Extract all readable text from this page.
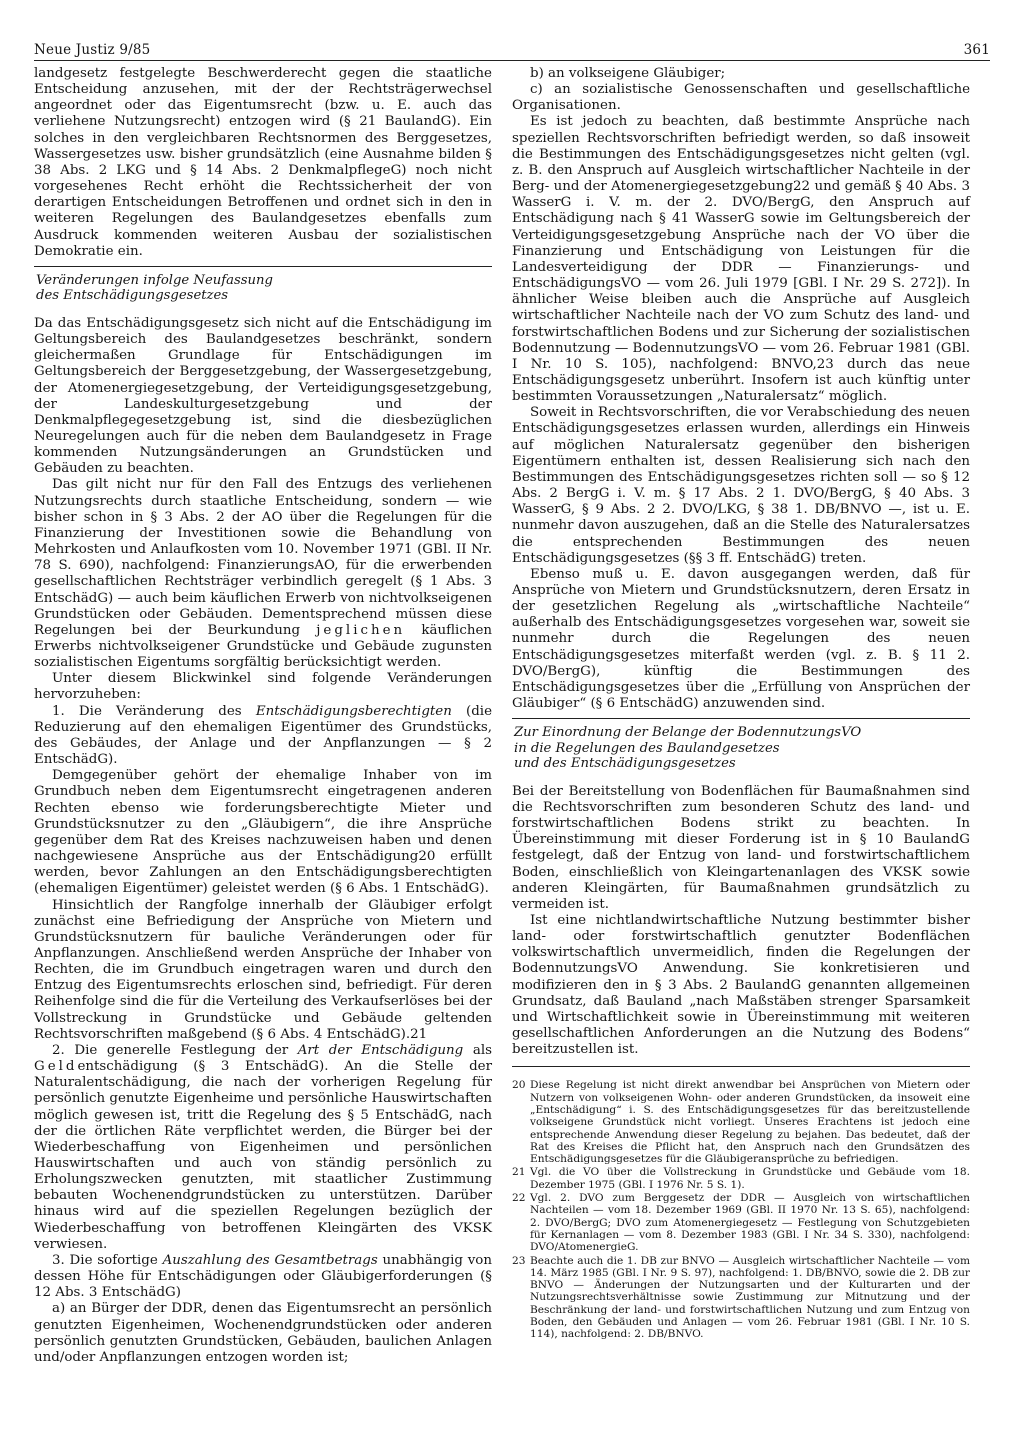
Neue Justiz 9/85	361

landgesetz festgelegte Beschwerderecht gegen die staatliche Entscheidung anzusehen, mit der der Rechtsträgerwechsel angeordnet oder das Eigentumsrecht (bzw. u. E. auch das verliehene Nutzungsrecht) entzogen wird (§ 21 BaulandG). Ein solches in den vergleichbaren Rechtsnormen des Berggesetzes, Wassergesetzes usw. bisher grundsätzlich (eine Ausnahme bilden § 38 Abs. 2 LKG und § 14 Abs. 2 DenkmalpflegeG) noch nicht vorgesehenes Recht erhöht die Rechtssicherheit der von derartigen Entscheidungen Betroffenen und ordnet sich in den in weiteren Regelungen des Baulandgesetzes ebenfalls zum Ausdruck kommenden weiteren Ausbau der sozialistischen Demokratie ein.

Veränderungen infolge Neufassung
des Entschädigungsgesetzes

Da das Entschädigungsgesetz sich nicht auf die Entschädigung im Geltungsbereich des Baulandgesetzes beschränkt, sondern gleichermaßen Grundlage für Entschädigungen im Geltungsbereich der Berggesetzgebung, der Wassergesetzgebung, der Atomenergiegesetzgebung, der Verteidigungsgesetzgebung, der Landeskulturgesetzgebung und der Denkmalpflegegesetzgebung ist, sind die diesbezüglichen Neuregelungen auch für die neben dem Baulandgesetz in Frage kommenden Nutzungsänderungen an Grundstücken und Gebäuden zu beachten.

Das gilt nicht nur für den Fall des Entzugs des verliehenen Nutzungsrechts durch staatliche Entscheidung, sondern — wie bisher schon in § 3 Abs. 2 der AO über die Regelungen für die Finanzierung der Investitionen sowie die Behandlung von Mehrkosten und Anlaufkosten vom 10. November 1971 (GBl. II Nr. 78 S. 690), nachfolgend: FinanzierungsAO, für die erwerbenden gesellschaftlichen Rechtsträger verbindlich geregelt (§ 1 Abs. 3 EntschädG) — auch beim käuflichen Erwerb von nichtvolkseigenen Grundstücken oder Gebäuden. Dementsprechend müssen diese Regelungen bei der Beurkundung jeglichen käuflichen Erwerbs nichtvolkseigener Grundstücke und Gebäude zugunsten sozialistischen Eigentums sorgfältig berücksichtigt werden.

Unter diesem Blickwinkel sind folgende Veränderungen hervorzuheben:

1. Die Veränderung des Entschädigungsberechtigten (die Reduzierung auf den ehemaligen Eigentümer des Grundstücks, des Gebäudes, der Anlage und der Anpflanzungen — § 2 EntschädG).

Demgegenüber gehört der ehemalige Inhaber von im Grundbuch neben dem Eigentumsrecht eingetragenen anderen Rechten ebenso wie forderungsberechtigte Mieter und Grundstücksnutzer zu den „Gläubigern“, die ihre Ansprüche gegenüber dem Rat des Kreises nachzuweisen haben und denen nachgewiesene Ansprüche aus der Entschädigung20 erfüllt werden, bevor Zahlungen an den Entschädigungsberechtigten (ehemaligen Eigentümer) geleistet werden (§ 6 Abs. 1 EntschädG).

Hinsichtlich der Rangfolge innerhalb der Gläubiger erfolgt zunächst eine Befriedigung der Ansprüche von Mietern und Grundstücksnutzern für bauliche Veränderungen oder für Anpflanzungen. Anschließend werden Ansprüche der Inhaber von Rechten, die im Grundbuch eingetragen waren und durch den Entzug des Eigentumsrechts erloschen sind, befriedigt. Für deren Reihenfolge sind die für die Verteilung des Verkaufserlöses bei der Vollstreckung in Grundstücke und Gebäude geltenden Rechtsvorschriften maßgebend (§ 6 Abs. 4 EntschädG).21

2. Die generelle Festlegung der Art der Entschädigung als Geldentschädigung (§ 3 EntschädG). An die Stelle der Naturalentschädigung, die nach der vorherigen Regelung für persönlich genutzte Eigenheime und persönliche Hauswirtschaften möglich gewesen ist, tritt die Regelung des § 5 EntschädG, nach der die örtlichen Räte verpflichtet werden, die Bürger bei der Wiederbeschaffung von Eigenheimen und persönlichen Hauswirtschaften und auch von ständig persönlich zu Erholungszwecken genutzten, mit staatlicher Zustimmung bebauten Wochenendgrundstücken zu unterstützen. Darüber hinaus wird auf die speziellen Regelungen bezüglich der Wiederbeschaffung von betroffenen Kleingärten des VKSK verwiesen.

3. Die sofortige Auszahlung des Gesamtbetrags unabhängig von dessen Höhe für Entschädigungen oder Gläubigerforderungen (§ 12 Abs. 3 EntschädG)

a) an Bürger der DDR, denen das Eigentumsrecht an persönlich genutzten Eigenheimen, Wochenendgrundstücken oder anderen persönlich genutzten Grundstücken, Gebäuden, baulichen Anlagen und/oder Anpflanzungen entzogen worden ist;

b) an volkseigene Gläubiger;

c) an sozialistische Genossenschaften und gesellschaftliche Organisationen.

Es ist jedoch zu beachten, daß bestimmte Ansprüche nach speziellen Rechtsvorschriften befriedigt werden, so daß insoweit die Bestimmungen des Entschädigungsgesetzes nicht gelten (vgl. z. B. den Anspruch auf Ausgleich wirtschaftlicher Nachteile in der Berg- und der Atomenergiegesetzgebung22 und gemäß § 40 Abs. 3 WasserG i. V. m. der 2. DVO/BergG, den Anspruch auf Entschädigung nach § 41 WasserG sowie im Geltungsbereich der Verteidigungsgesetzgebung Ansprüche nach der VO über die Finanzierung und Entschädigung von Leistungen für die Landesverteidigung der DDR — Finanzierungs- und EntschädigungsVO — vom 26. Juli 1979 [GBl. I Nr. 29 S. 272]). In ähnlicher Weise bleiben auch die Ansprüche auf Ausgleich wirtschaftlicher Nachteile nach der VO zum Schutz des land- und forstwirtschaftlichen Bodens und zur Sicherung der sozialistischen Bodennutzung — BodennutzungsVO — vom 26. Februar 1981 (GBl. I Nr. 10 S. 105), nachfolgend: BNVO,23 durch das neue Entschädigungsgesetz unberührt. Insofern ist auch künftig unter bestimmten Voraussetzungen „Naturalersatz“ möglich.

Soweit in Rechtsvorschriften, die vor Verabschiedung des neuen Entschädigungsgesetzes erlassen wurden, allerdings ein Hinweis auf möglichen Naturalersatz gegenüber den bisherigen Eigentümern enthalten ist, dessen Realisierung sich nach den Bestimmungen des Entschädigungsgesetzes richten soll — so § 12 Abs. 2 BergG i. V. m. § 17 Abs. 2 1. DVO/BergG, § 40 Abs. 3 WasserG, § 9 Abs. 2 2. DVO/LKG, § 38 1. DB/BNVO —, ist u. E. nunmehr davon auszugehen, daß an die Stelle des Naturalersatzes die entsprechenden Bestimmungen des neuen Entschädigungsgesetzes (§§ 3 ff. EntschädG) treten.

Ebenso muß u. E. davon ausgegangen werden, daß für Ansprüche von Mietern und Grundstücksnutzern, deren Ersatz in der gesetzlichen Regelung als „wirtschaftliche Nachteile“ außerhalb des Entschädigungsgesetzes vorgesehen war, soweit sie nunmehr durch die Regelungen des neuen Entschädigungsgesetzes miterfaßt werden (vgl. z. B. § 11 2. DVO/BergG), künftig die Bestimmungen des Entschädigungsgesetzes über die „Erfüllung von Ansprüchen der Gläubiger“ (§ 6 EntschädG) anzuwenden sind.

Zur Einordnung der Belange der BodennutzungsVO
in die Regelungen des Baulandgesetzes
und des Entschädigungsgesetzes

Bei der Bereitstellung von Bodenflächen für Baumaßnahmen sind die Rechtsvorschriften zum besonderen Schutz des land- und forstwirtschaftlichen Bodens strikt zu beachten. In Übereinstimmung mit dieser Forderung ist in § 10 BaulandG festgelegt, daß der Entzug von land- und forstwirtschaftlichem Boden, einschließlich von Kleingartenanlagen des VKSK sowie anderen Kleingärten, für Baumaßnahmen grundsätzlich zu vermeiden ist.

Ist eine nichtlandwirtschaftliche Nutzung bestimmter bisher land- oder forstwirtschaftlich genutzter Bodenflächen volkswirtschaftlich unvermeidlich, finden die Regelungen der BodennutzungsVO Anwendung. Sie konkretisieren und modifizieren den in § 3 Abs. 2 BaulandG genannten allgemeinen Grundsatz, daß Bauland „nach Maßstäben strenger Sparsamkeit und Wirtschaftlichkeit sowie in Übereinstimmung mit weiteren gesellschaftlichen Anforderungen an die Nutzung des Bodens“ bereitzustellen ist.

20 Diese Regelung ist nicht direkt anwendbar bei Ansprüchen von Mietern oder Nutzern von volkseigenen Wohn- oder anderen Grundstücken, da insoweit eine „Entschädigung“ i. S. des Entschädigungsgesetzes für das bereitzustellende volkseigene Grundstück nicht vorliegt. Unseres Erachtens ist jedoch eine entsprechende Anwendung dieser Regelung zu bejahen. Das bedeutet, daß der Rat des Kreises die Pflicht hat, den Anspruch nach den Grundsätzen des Entschädigungsgesetzes für die Gläubigeransprüche zu befriedigen.
21 Vgl. die VO über die Vollstreckung in Grundstücke und Gebäude vom 18. Dezember 1975 (GBl. I 1976 Nr. 5 S. 1).
22 Vgl. 2. DVO zum Berggesetz der DDR — Ausgleich von wirtschaftlichen Nachteilen — vom 18. Dezember 1969 (GBl. II 1970 Nr. 13 S. 65), nachfolgend: 2. DVO/BergG; DVO zum Atomenergiegesetz — Festlegung von Schutzgebieten für Kernanlagen — vom 8. Dezember 1983 (GBl. I Nr. 34 S. 330), nachfolgend: DVO/AtomenergieG.
23 Beachte auch die 1. DB zur BNVO — Ausgleich wirtschaftlicher Nachteile — vom 14. März 1985 (GBl. I Nr. 9 S. 97), nachfolgend: 1. DB/BNVO, sowie die 2. DB zur BNVO — Änderungen der Nutzungsarten und der Kulturarten und der Nutzungsrechtsverhältnisse sowie Zustimmung zur Mitnutzung und der Beschränkung der land- und forstwirtschaftlichen Nutzung und zum Entzug von Boden, den Gebäuden und Anlagen — vom 26. Februar 1981 (GBl. I Nr. 10 S. 114), nachfolgend: 2. DB/BNVO.
